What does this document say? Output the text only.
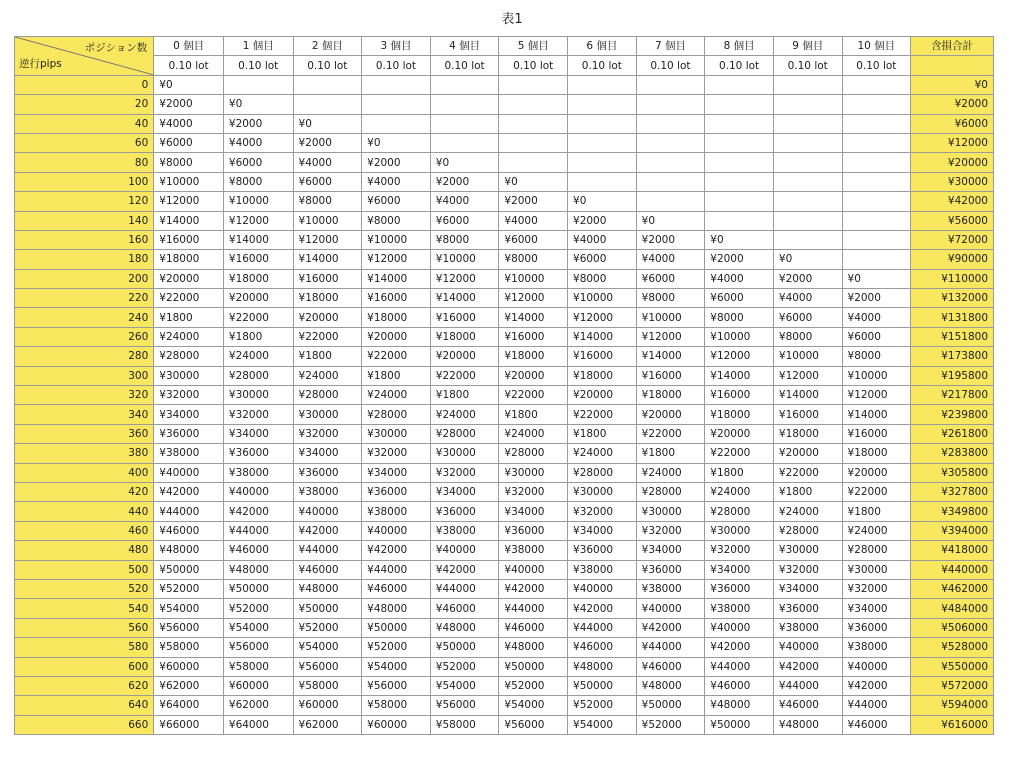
表1
ポジション数
逆行pips	0 個目	1 個目	2 個目	3 個目	4 個目	5 個目	6 個目	7 個目	8 個目	9 個目	10 個目	含損合計
	0.10 lot	0.10 lot	0.10 lot	0.10 lot	0.10 lot	0.10 lot	0.10 lot	0.10 lot	0.10 lot	0.10 lot	0.10 lot	
0	¥0											¥0
20	¥2000	¥0										¥2000
40	¥4000	¥2000	¥0									¥6000
60	¥6000	¥4000	¥2000	¥0								¥12000
80	¥8000	¥6000	¥4000	¥2000	¥0							¥20000
100	¥10000	¥8000	¥6000	¥4000	¥2000	¥0						¥30000
120	¥12000	¥10000	¥8000	¥6000	¥4000	¥2000	¥0					¥42000
140	¥14000	¥12000	¥10000	¥8000	¥6000	¥4000	¥2000	¥0				¥56000
160	¥16000	¥14000	¥12000	¥10000	¥8000	¥6000	¥4000	¥2000	¥0			¥72000
180	¥18000	¥16000	¥14000	¥12000	¥10000	¥8000	¥6000	¥4000	¥2000	¥0		¥90000
200	¥20000	¥18000	¥16000	¥14000	¥12000	¥10000	¥8000	¥6000	¥4000	¥2000	¥0	¥110000
220	¥22000	¥20000	¥18000	¥16000	¥14000	¥12000	¥10000	¥8000	¥6000	¥4000	¥2000	¥132000
240	¥1800	¥22000	¥20000	¥18000	¥16000	¥14000	¥12000	¥10000	¥8000	¥6000	¥4000	¥131800
260	¥24000	¥1800	¥22000	¥20000	¥18000	¥16000	¥14000	¥12000	¥10000	¥8000	¥6000	¥151800
280	¥28000	¥24000	¥1800	¥22000	¥20000	¥18000	¥16000	¥14000	¥12000	¥10000	¥8000	¥173800
300	¥30000	¥28000	¥24000	¥1800	¥22000	¥20000	¥18000	¥16000	¥14000	¥12000	¥10000	¥195800
320	¥32000	¥30000	¥28000	¥24000	¥1800	¥22000	¥20000	¥18000	¥16000	¥14000	¥12000	¥217800
340	¥34000	¥32000	¥30000	¥28000	¥24000	¥1800	¥22000	¥20000	¥18000	¥16000	¥14000	¥239800
360	¥36000	¥34000	¥32000	¥30000	¥28000	¥24000	¥1800	¥22000	¥20000	¥18000	¥16000	¥261800
380	¥38000	¥36000	¥34000	¥32000	¥30000	¥28000	¥24000	¥1800	¥22000	¥20000	¥18000	¥283800
400	¥40000	¥38000	¥36000	¥34000	¥32000	¥30000	¥28000	¥24000	¥1800	¥22000	¥20000	¥305800
420	¥42000	¥40000	¥38000	¥36000	¥34000	¥32000	¥30000	¥28000	¥24000	¥1800	¥22000	¥327800
440	¥44000	¥42000	¥40000	¥38000	¥36000	¥34000	¥32000	¥30000	¥28000	¥24000	¥1800	¥349800
460	¥46000	¥44000	¥42000	¥40000	¥38000	¥36000	¥34000	¥32000	¥30000	¥28000	¥24000	¥394000
480	¥48000	¥46000	¥44000	¥42000	¥40000	¥38000	¥36000	¥34000	¥32000	¥30000	¥28000	¥418000
500	¥50000	¥48000	¥46000	¥44000	¥42000	¥40000	¥38000	¥36000	¥34000	¥32000	¥30000	¥440000
520	¥52000	¥50000	¥48000	¥46000	¥44000	¥42000	¥40000	¥38000	¥36000	¥34000	¥32000	¥462000
540	¥54000	¥52000	¥50000	¥48000	¥46000	¥44000	¥42000	¥40000	¥38000	¥36000	¥34000	¥484000
560	¥56000	¥54000	¥52000	¥50000	¥48000	¥46000	¥44000	¥42000	¥40000	¥38000	¥36000	¥506000
580	¥58000	¥56000	¥54000	¥52000	¥50000	¥48000	¥46000	¥44000	¥42000	¥40000	¥38000	¥528000
600	¥60000	¥58000	¥56000	¥54000	¥52000	¥50000	¥48000	¥46000	¥44000	¥42000	¥40000	¥550000
620	¥62000	¥60000	¥58000	¥56000	¥54000	¥52000	¥50000	¥48000	¥46000	¥44000	¥42000	¥572000
640	¥64000	¥62000	¥60000	¥58000	¥56000	¥54000	¥52000	¥50000	¥48000	¥46000	¥44000	¥594000
660	¥66000	¥64000	¥62000	¥60000	¥58000	¥56000	¥54000	¥52000	¥50000	¥48000	¥46000	¥616000
